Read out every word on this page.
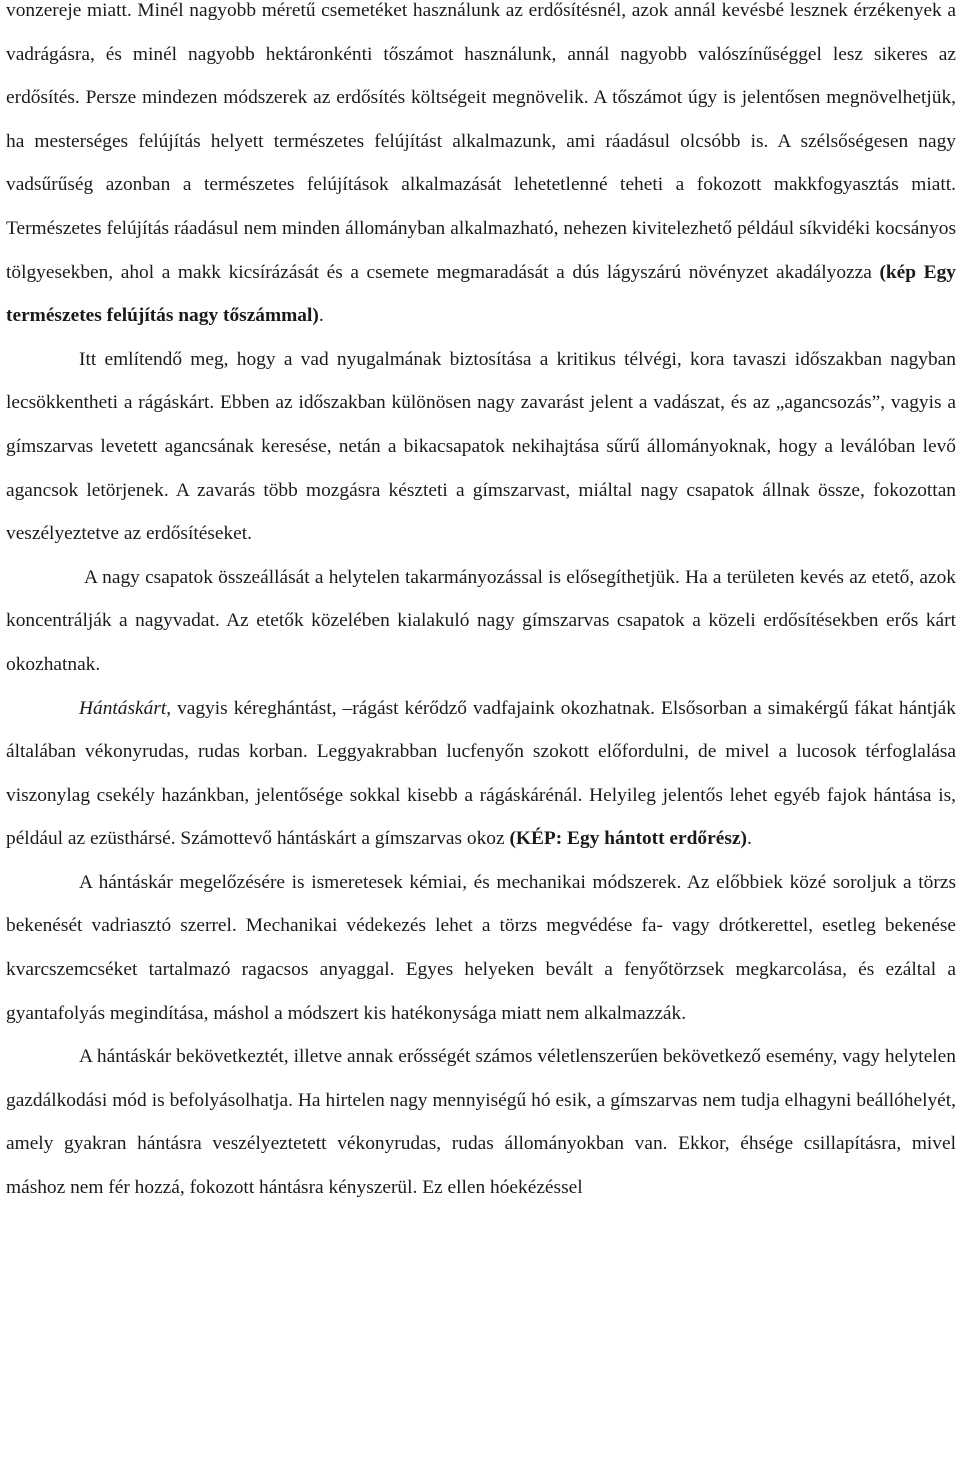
vonzereje miatt. Minél nagyobb méretű csemetéket használunk az erdősítésnél, azok annál kevésbé lesznek érzékenyek a vadrágásra, és minél nagyobb hektáronkénti tőszámot használunk, annál nagyobb valószínűséggel lesz sikeres az erdősítés. Persze mindezen módszerek az erdősítés költségeit megnövelik. A tőszámot úgy is jelentősen megnövelhetjük, ha mesterséges felújítás helyett természetes felújítást alkalmazunk, ami ráadásul olcsóbb is. A szélsőségesen nagy vadsűrűség azonban a természetes felújítások alkalmazását lehetetlenné teheti a fokozott makkfogyasztás miatt. Természetes felújítás ráadásul nem minden állományban alkalmazható, nehezen kivitelezhető például síkvidéki kocsányos tölgyesekben, ahol a makk kicsírázását és a csemete megmaradását a dús lágyszárú növényzet akadályozza (kép Egy természetes felújítás nagy tőszámmal).

Itt említendő meg, hogy a vad nyugalmának biztosítása a kritikus télvégi, kora tavaszi időszakban nagyban lecsökkentheti a rágáskárt. Ebben az időszakban különösen nagy zavarást jelent a vadászat, és az „agancsozás”, vagyis a gímszarvas levetett agancsának keresése, netán a bikacsapatok nekihajtása sűrű állományoknak, hogy a leválóban levő agancsok letörjenek. A zavarás több mozgásra készteti a gímszarvast, miáltal nagy csapatok állnak össze, fokozottan veszélyeztetve az erdősítéseket.

A nagy csapatok összeállását a helytelen takarmányozással is elősegíthetjük. Ha a területen kevés az etető, azok koncentrálják a nagyvadat. Az etetők közelében kialakuló nagy gímszarvas csapatok a közeli erdősítésekben erős kárt okozhatnak.

Hántáskárt, vagyis kéreghántást, –rágást kérődző vadfajaink okozhatnak. Elsősorban a simakérgű fákat hántják általában vékonyrudas, rudas korban. Leggyakrabban lucfenyőn szokott előfordulni, de mivel a lucosok térfoglalása viszonylag csekély hazánkban, jelentősége sokkal kisebb a rágáskárénál. Helyileg jelentős lehet egyéb fajok hántása is, például az ezüsthársé. Számottevő hántáskárt a gímszarvas okoz (KÉP: Egy hántott erdőrész).

A hántáskár megelőzésére is ismeretesek kémiai, és mechanikai módszerek. Az előbbiek közé soroljuk a törzs bekenését vadriasztó szerrel. Mechanikai védekezés lehet a törzs megvédése fa- vagy drótkerettel, esetleg bekenése kvarcszemcséket tartalmazó ragacsos anyaggal. Egyes helyeken bevált a fenyőtörzsek megkarcolása, és ezáltal a gyantafolyás megindítása, máshol a módszert kis hatékonysága miatt nem alkalmazzák.

A hántáskár bekövetkeztét, illetve annak erősségét számos véletlenszerűen bekövetkező esemény, vagy helytelen gazdálkodási mód is befolyásolhatja. Ha hirtelen nagy mennyiségű hó esik, a gímszarvas nem tudja elhagyni beállóhelyét, amely gyakran hántásra veszélyeztetett vékonyrudas, rudas állományokban van. Ekkor, éhsége csillapításra, mivel máshoz nem fér hozzá, fokozott hántásra kényszerül. Ez ellen hóekézéssel
